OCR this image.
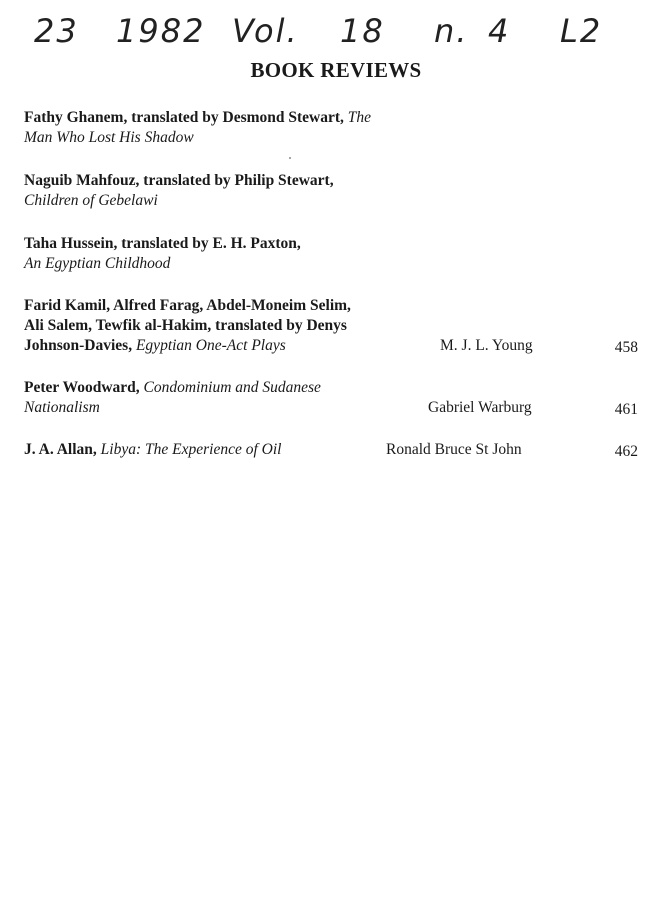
23 1982 Vol. 18 n. 4 L2
BOOK REVIEWS
Fathy Ghanem, translated by Desmond Stewart, The
Man Who Lost His Shadow
Naguib Mahfouz, translated by Philip Stewart,
Children of Gebelawi
Taha Hussein, translated by E. H. Paxton,
An Egyptian Childhood
Farid Kamil, Alfred Farag, Abdel-Moneim Selim,
Ali Salem, Tewfik al-Hakim, translated by Denys
Johnson-Davies, Egyptian One-Act Plays	M. J. L. Young	458
Peter Woodward, Condominium and Sudanese
Nationalism	Gabriel Warburg	461
J. A. Allan, Libya: The Experience of Oil	Ronald Bruce St John	462
